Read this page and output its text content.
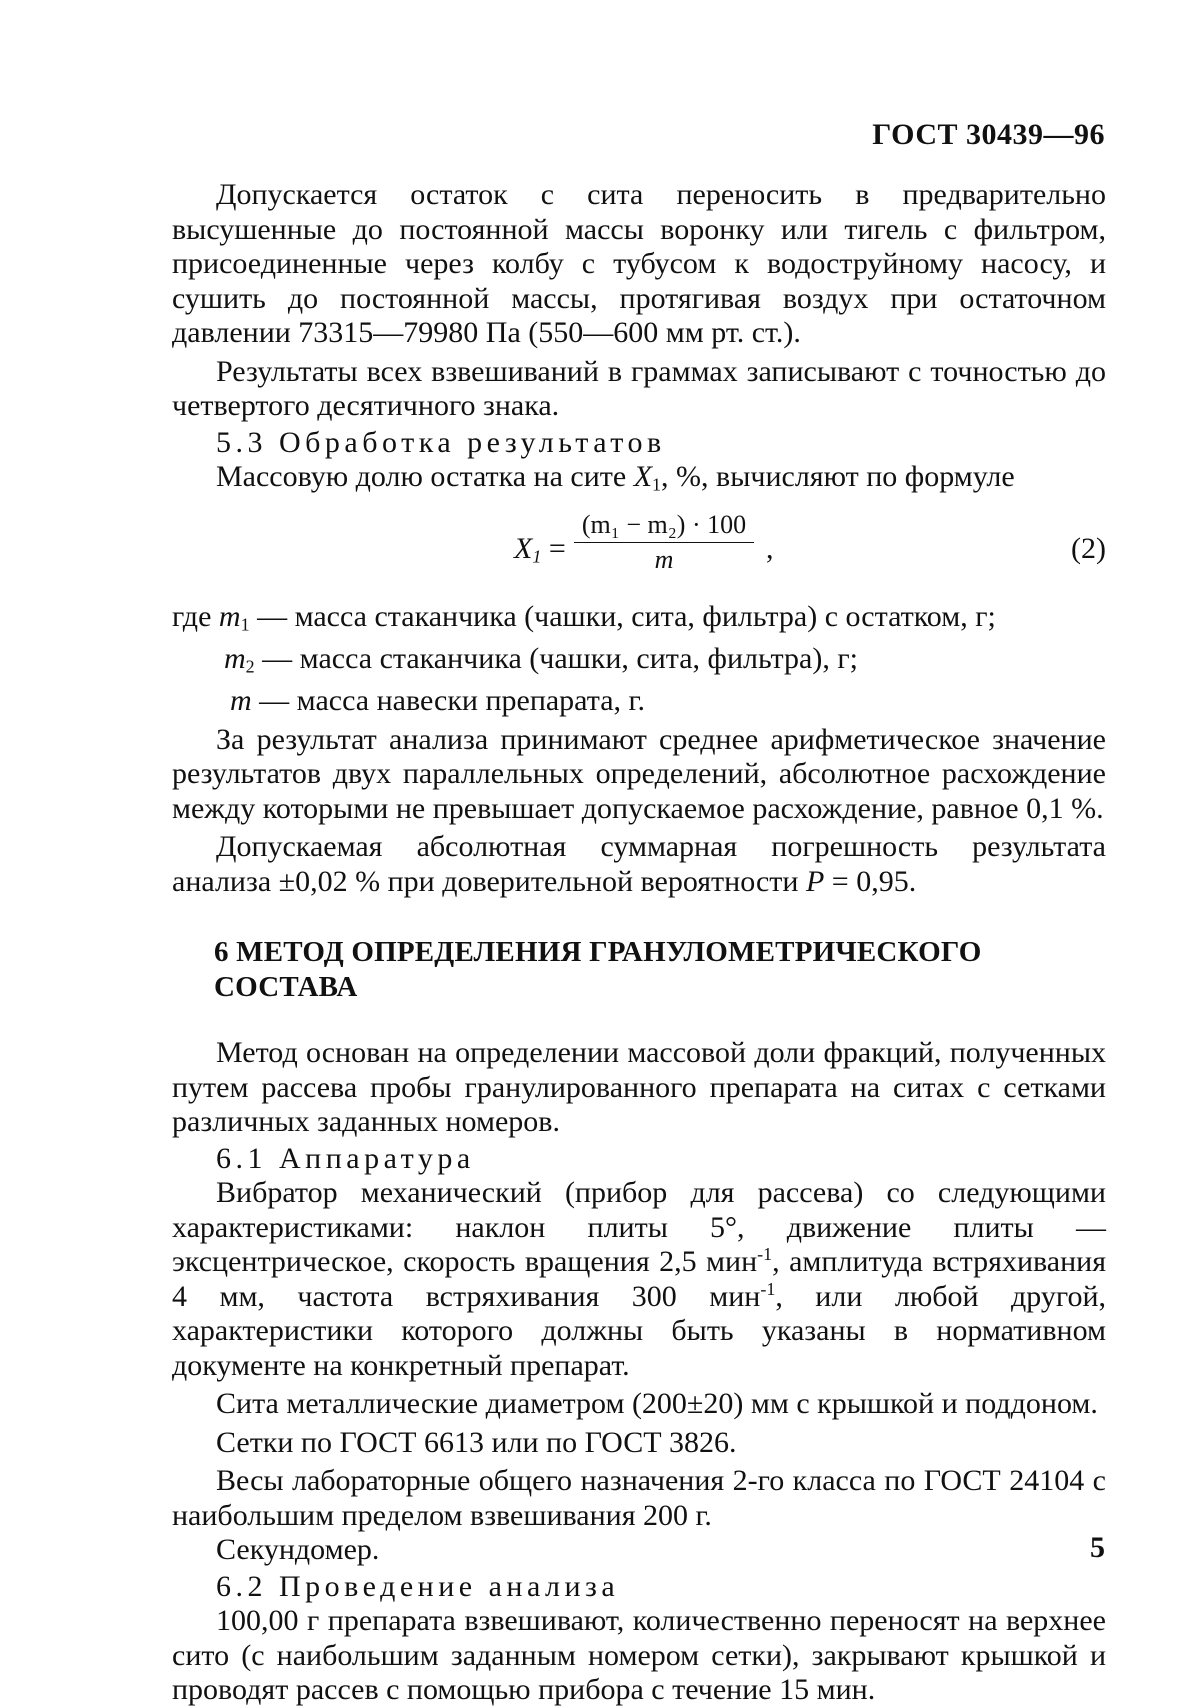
ГОСТ 30439—96

Допускается остаток с сита переносить в предварительно высушенные до постоянной массы воронку или тигель с фильтром, присоединенные через колбу с тубусом к водоструйному насосу, и сушить до постоянной массы, протягивая воздух при остаточном давлении 73315—79980 Па (550—600 мм рт. ст.).

Результаты всех взвешиваний в граммах записывают с точностью до четвертого десятичного знака.

5.3 Обработка результатов

Массовую долю остатка на сите $X_1$, %, вычисляют по формуле

$X_1$ =
(m₁ − m₂) · 100
m	,	(2)
где $m_1$ — масса стаканчика (чашки, сита, фильтра) с остатком, г;
$m_2$ — масса стаканчика (чашки, сита, фильтра), г;
m — масса навески препарата, г.

За результат анализа принимают среднее арифметическое значение результатов двух параллельных определений, абсолютное расхождение между которыми не превышает допускаемое расхождение, равное 0,1 %.

Допускаемая абсолютная суммарная погрешность результата анализа ±0,02 % при доверительной вероятности P = 0,95.

6 МЕТОД ОПРЕДЕЛЕНИЯ ГРАНУЛОМЕТРИЧЕСКОГО СОСТАВА

Метод основан на определении массовой доли фракций, полученных путем рассева пробы гранулированного препарата на ситах с сетками различных заданных номеров.

6.1 Аппаратура

Вибратор механический (прибор для рассева) со следующими характеристиками: наклон плиты 5°, движение плиты — эксцентрическое, скорость вращения 2,5 мин$^{-1}$, амплитуда встряхивания 4 мм, частота встряхивания 300 мин$^{-1}$, или любой другой, характеристики которого должны быть указаны в нормативном документе на конкретный препарат.

Сита металлические диаметром (200±20) мм с крышкой и поддоном.

Сетки по ГОСТ 6613 или по ГОСТ 3826.

Весы лабораторные общего назначения 2-го класса по ГОСТ 24104 с наибольшим пределом взвешивания 200 г.

Секундомер.

6.2 Проведение анализа

100,00 г препарата взвешивают, количественно переносят на верхнее сито (с наибольшим заданным номером сетки), закрывают крышкой и проводят рассев с помощью прибора с течение 15 мин.

5
